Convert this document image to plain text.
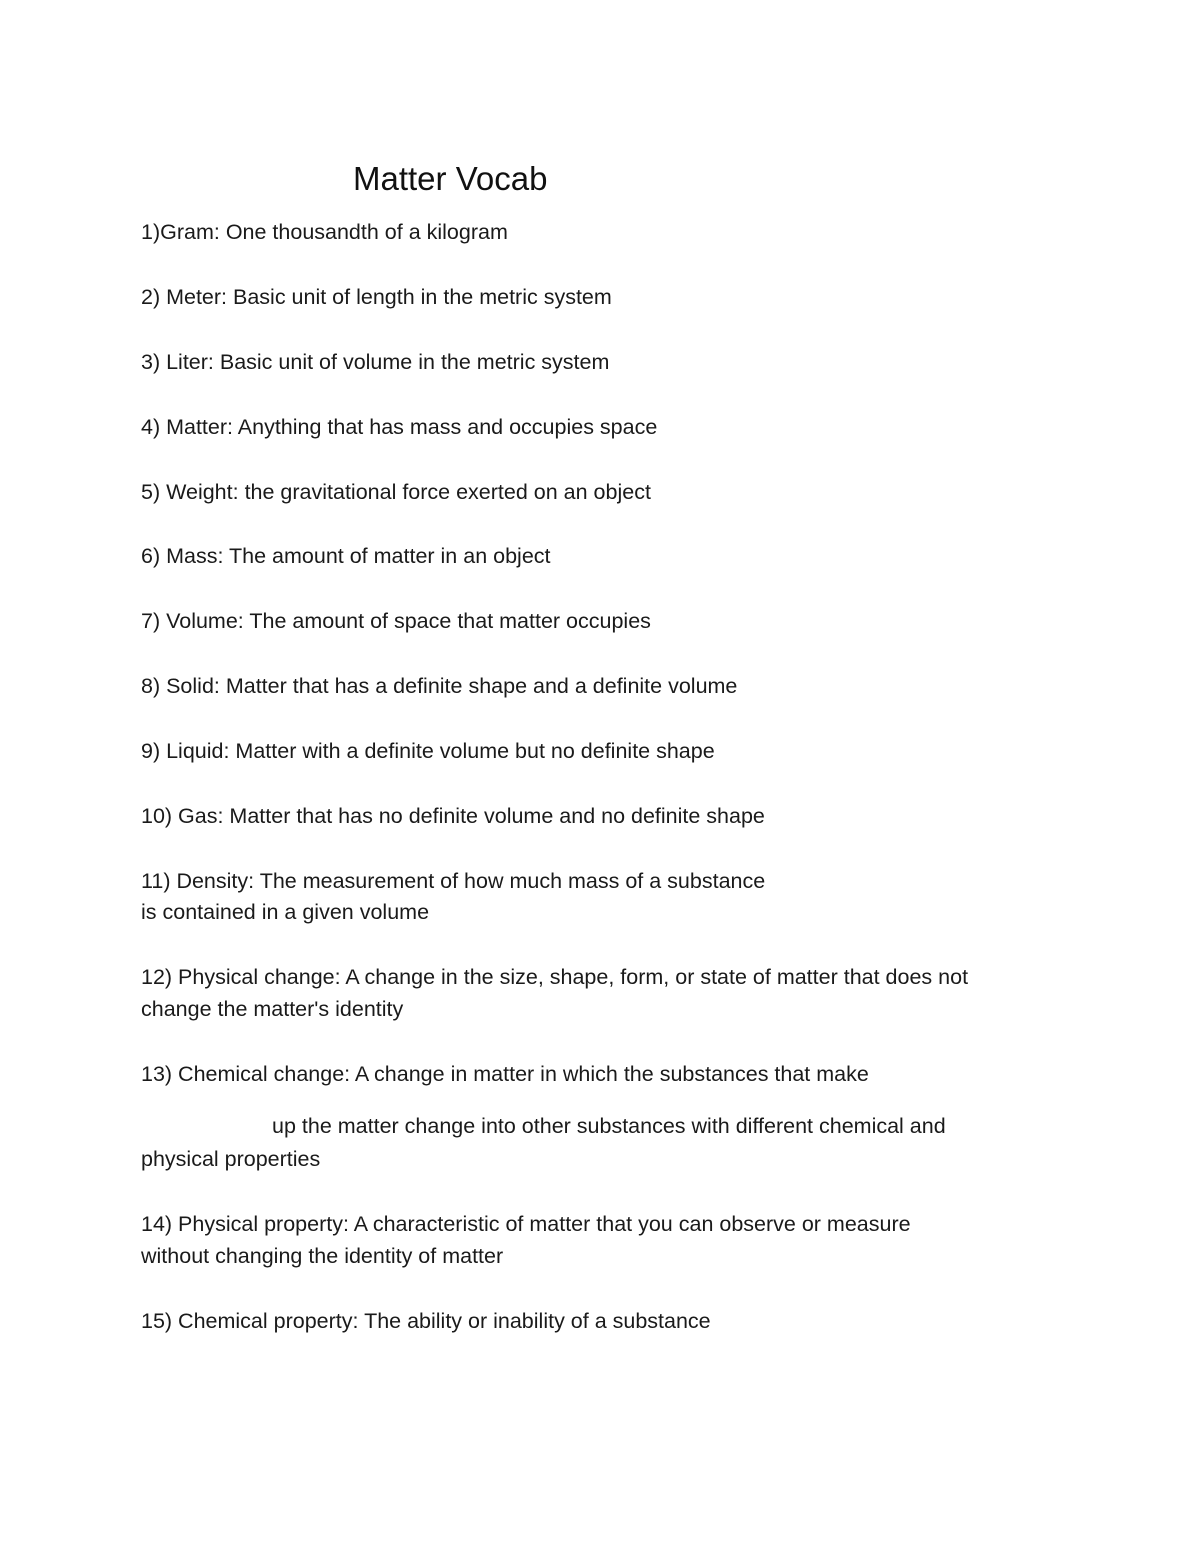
Matter Vocab
1)Gram: One thousandth of a kilogram
2) Meter: Basic unit of length in the metric system
3) Liter: Basic unit of volume in the metric system
4) Matter: Anything that has mass and occupies space
5) Weight: the gravitational force exerted on an object
6) Mass: The amount of matter in an object
7) Volume: The amount of space that matter occupies
8) Solid: Matter that has a definite shape and a definite volume
9) Liquid: Matter with a definite volume but no definite shape
10) Gas: Matter that has no definite volume and no definite shape
11) Density: The measurement of how much mass of a substance
is contained in a given volume
12) Physical change: A change in the size, shape, form, or state of matter that does not
change the matter's identity
13) Chemical change: A change in matter in which the substances that make
up the matter change into other substances with different chemical and
physical properties
14) Physical property: A characteristic of matter that you can observe or measure
without changing the identity of matter
15) Chemical property: The ability or inability of a substance
